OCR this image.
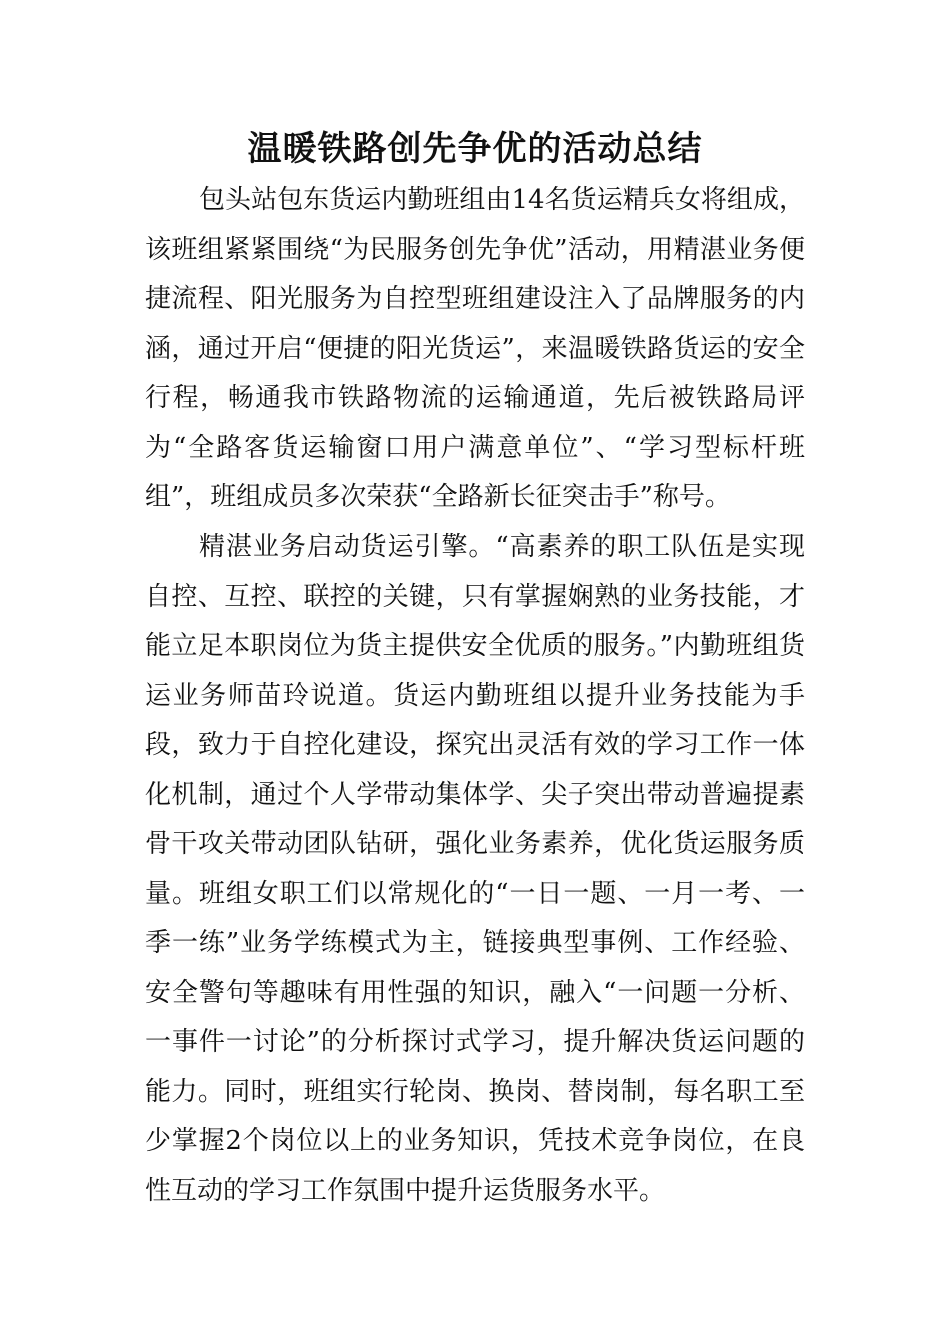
温暖铁路创先争优的活动总结

包头站包东货运内勤班组由14名货运精兵女将组成，该班组紧紧围绕“为民服务创先争优”活动，用精湛业务便捷流程、阳光服务为自控型班组建设注入了品牌服务的内涵，通过开启“便捷的阳光货运”，来温暖铁路货运的安全行程，畅通我市铁路物流的运输通道，先后被铁路局评为“全路客货运输窗口用户满意单位”、“学习型标杆班组”，班组成员多次荣获“全路新长征突击手”称号。

精湛业务启动货运引擎。“高素养的职工队伍是实现自控、互控、联控的关键，只有掌握娴熟的业务技能，才能立足本职岗位为货主提供安全优质的服务。”内勤班组货运业务师苗玲说道。货运内勤班组以提升业务技能为手段，致力于自控化建设，探究出灵活有效的学习工作一体化机制，通过个人学带动集体学、尖子突出带动普遍提素骨干攻关带动团队钻研，强化业务素养，优化货运服务质量。班组女职工们以常规化的“一日一题、一月一考、一季一练”业务学练模式为主，链接典型事例、工作经验、安全警句等趣味有用性强的知识，融入“一问题一分析、一事件一讨论”的分析探讨式学习，提升解决货运问题的能力。同时，班组实行轮岗、换岗、替岗制，每名职工至少掌握2个岗位以上的业务知识，凭技术竞争岗位，在良性互动的学习工作氛围中提升运货服务水平。
